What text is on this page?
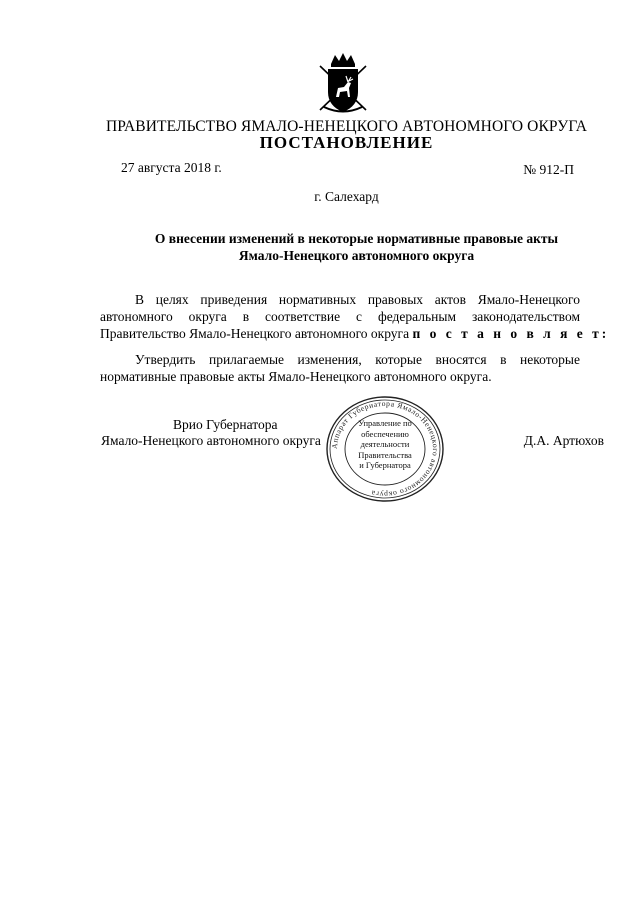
ПРАВИТЕЛЬСТВО ЯМАЛО-НЕНЕЦКОГО АВТОНОМНОГО ОКРУГА
ПОСТАНОВЛЕНИЕ
27 августа 2018 г.	№ 912-П
г. Салехард
О внесении изменений в некоторые нормативные правовые акты
Ямало-Ненецкого автономного округа
В целях приведения нормативных правовых актов Ямало-Ненецкого
автономного округа в соответствие с федеральным законодательством
Правительство Ямало-Ненецкого автономного округа п о с т а н о в л я е т:
Утвердить прилагаемые изменения, которые вносятся в некоторые
нормативные правовые акты Ямало-Ненецкого автономного округа.
Врио Губернатора
Ямало-Ненецкого автономного округа	Д.А. Артюхов
Аппарат Губернатора Ямало-Ненецкого автономного округа
Управление по
обеспечению
деятельности
Правительства
и Губернатора
